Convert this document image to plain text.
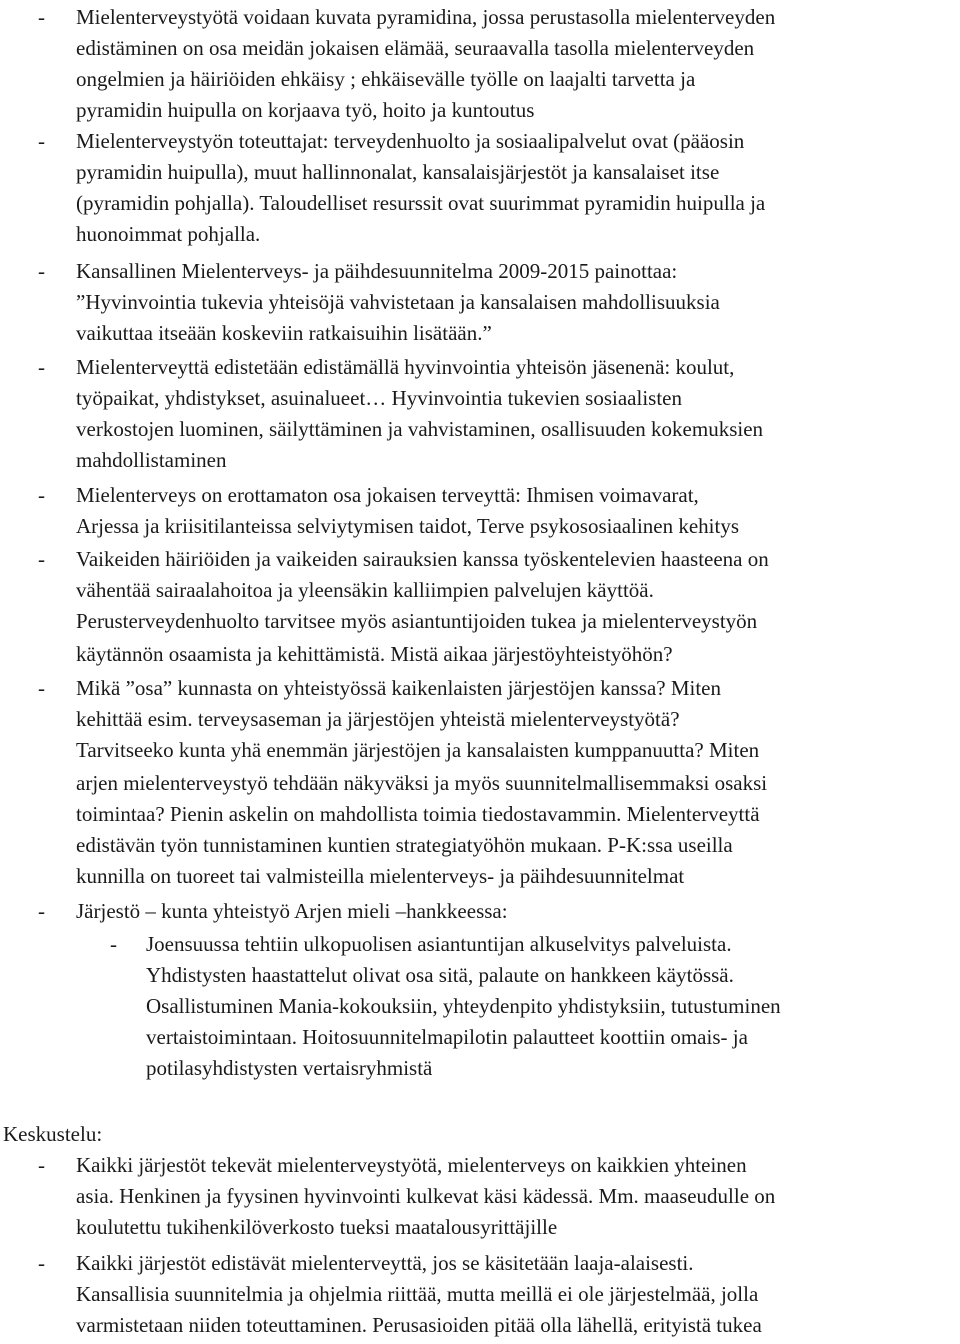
- Mielenterveystyötä voidaan kuvata pyramidina, jossa perustasolla mielenterveyden
edistäminen on osa meidän jokaisen elämää, seuraavalla tasolla mielenterveyden
ongelmien ja häiriöiden ehkäisy ; ehkäisevälle työlle on laajalti tarvetta ja
pyramidin huipulla on korjaava työ, hoito ja kuntoutus
- Mielenterveystyön toteuttajat: terveydenhuolto ja sosiaalipalvelut ovat (pääosin
pyramidin huipulla), muut hallinnonalat, kansalaisjärjestöt ja kansalaiset itse
(pyramidin pohjalla). Taloudelliset resurssit ovat suurimmat pyramidin huipulla ja
huonoimmat pohjalla.
- Kansallinen Mielenterveys- ja päihdesuunnitelma 2009-2015 painottaa:
”Hyvinvointia tukevia yhteisöjä vahvistetaan ja kansalaisen mahdollisuuksia
vaikuttaa itseään koskeviin ratkaisuihin lisätään.”
- Mielenterveyttä edistetään edistämällä hyvinvointia yhteisön jäsenenä: koulut,
työpaikat, yhdistykset, asuinalueet… Hyvinvointia tukevien sosiaalisten
verkostojen luominen, säilyttäminen ja vahvistaminen, osallisuuden kokemuksien
mahdollistaminen
- Mielenterveys on erottamaton osa jokaisen terveyttä: Ihmisen voimavarat,
Arjessa ja kriisitilanteissa selviytymisen taidot, Terve psykososiaalinen kehitys
- Vaikeiden häiriöiden ja vaikeiden sairauksien kanssa työskentelevien haasteena on
vähentää sairaalahoitoa ja yleensäkin kalliimpien palvelujen käyttöä.
Perusterveydenhuolto tarvitsee myös asiantuntijoiden tukea ja mielenterveystyön
käytännön osaamista ja kehittämistä. Mistä aikaa järjestöyhteistyöhön?
- Mikä ”osa” kunnasta on yhteistyössä kaikenlaisten järjestöjen kanssa? Miten
kehittää esim. terveysaseman ja järjestöjen yhteistä mielenterveystyötä?
Tarvitseeko kunta yhä enemmän järjestöjen ja kansalaisten kumppanuutta? Miten
arjen mielenterveystyö tehdään näkyväksi ja myös suunnitelmallisemmaksi osaksi
toimintaa? Pienin askelin on mahdollista toimia tiedostavammin. Mielenterveyttä
edistävän työn tunnistaminen kuntien strategiatyöhön mukaan. P-K:ssa useilla
kunnilla on tuoreet tai valmisteilla mielenterveys- ja päihdesuunnitelmat
- Järjestö – kunta yhteistyö Arjen mieli –hankkeessa:
- Joensuussa tehtiin ulkopuolisen asiantuntijan alkuselvitys palveluista.
Yhdistysten haastattelut olivat osa sitä, palaute on hankkeen käytössä.
Osallistuminen Mania-kokouksiin, yhteydenpito yhdistyksiin, tutustuminen
vertaistoimintaan. Hoitosuunnitelmapilotin palautteet koottiin omais- ja
potilasyhdistysten vertaisryhmistä
Keskustelu:
- Kaikki järjestöt tekevät mielenterveystyötä, mielenterveys on kaikkien yhteinen
asia. Henkinen ja fyysinen hyvinvointi kulkevat käsi kädessä. Mm. maaseudulle on
koulutettu tukihenkilöverkosto tueksi maatalousyrittäjille
- Kaikki järjestöt edistävät mielenterveyttä, jos se käsitetään laaja-alaisesti.
Kansallisia suunnitelmia ja ohjelmia riittää, mutta meillä ei ole järjestelmää, jolla
varmistetaan niiden toteuttaminen. Perusasioiden pitää olla lähellä, erityistä tukea
